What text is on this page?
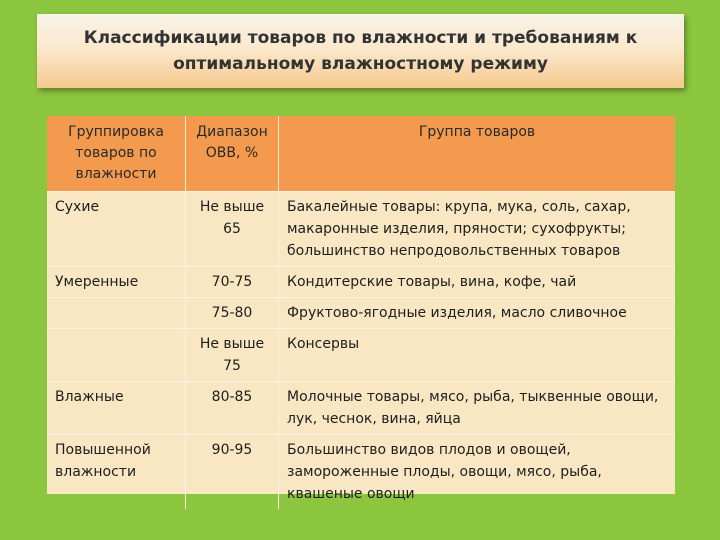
Классификации товаров по влажности и требованиям к
оптимальному влажностному режиму
Группировка товаров по влажности	Диапазон ОВВ, %	Группа товаров
Сухие	Не выше 65	Бакалейные товары: крупа, мука, соль, сахар, макаронные изделия, пряности; сухофрукты; большинство непродовольственных товаров
Умеренные	70-75	Кондитерские товары, вина, кофе, чай
	75-80	Фруктово-ягодные изделия, масло сливочное
	Не выше 75	Консервы
Влажные	80-85	Молочные товары, мясо, рыба, тыквенные овощи, лук, чеснок, вина, яйца
Повышенной влажности	90-95	Большинство видов плодов и овощей, замороженные плоды, овощи, мясо, рыба, квашеные овощи
